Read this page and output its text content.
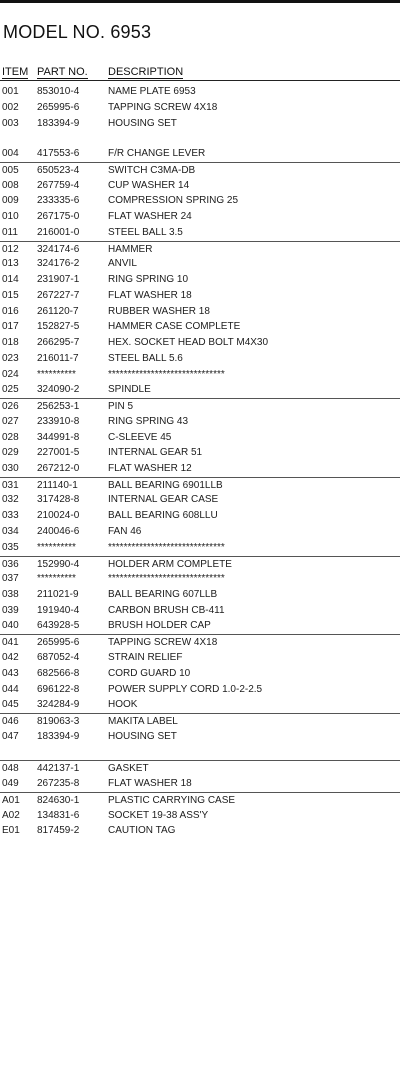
MODEL NO. 6953
ITEM PART NO. DESCRIPTION
001 853010-4	NAME PLATE 6953
002 265995-6	TAPPING SCREW 4X18
003 183394-9	HOUSING SET
004 417553-6	F/R CHANGE LEVER
005 650523-4	SWITCH C3MA-DB
008 267759-4	CUP WASHER 14
009 233335-6	COMPRESSION SPRING 25
010 267175-0	FLAT WASHER 24
011 216001-0	STEEL BALL 3.5
012 324174-6	HAMMER
013 324176-2	ANVIL
014 231907-1	RING SPRING 10
015 267227-7	FLAT WASHER 18
016 261120-7	RUBBER WASHER 18
017 152827-5	HAMMER CASE COMPLETE
018 266295-7	HEX. SOCKET HEAD BOLT M4X30
023 216011-7	STEEL BALL 5.6
024 **********	******************************
025 324090-2	SPINDLE
026 256253-1	PIN 5
027 233910-8	RING SPRING 43
028 344991-8	C-SLEEVE 45
029 227001-5	INTERNAL GEAR 51
030 267212-0	FLAT WASHER 12
031 211140-1	BALL BEARING 6901LLB
032 317428-8	INTERNAL GEAR CASE
033 210024-0	BALL BEARING 608LLU
034 240046-6	FAN 46
035 **********	******************************
036 152990-4	HOLDER ARM COMPLETE
037 **********	******************************
038 211021-9	BALL BEARING 607LLB
039 191940-4	CARBON BRUSH CB-411
040 643928-5	BRUSH HOLDER CAP
041 265995-6	TAPPING SCREW 4X18
042 687052-4	STRAIN RELIEF
043 682566-8	CORD GUARD 10
044 696122-8	POWER SUPPLY CORD 1.0-2-2.5
045 324284-9	HOOK
046 819063-3	MAKITA LABEL
047 183394-9	HOUSING SET
048 442137-1	GASKET
049 267235-8	FLAT WASHER 18
A01 824630-1	PLASTIC CARRYING CASE
A02 134831-6	SOCKET 19-38 ASS'Y
E01 817459-2	CAUTION TAG
